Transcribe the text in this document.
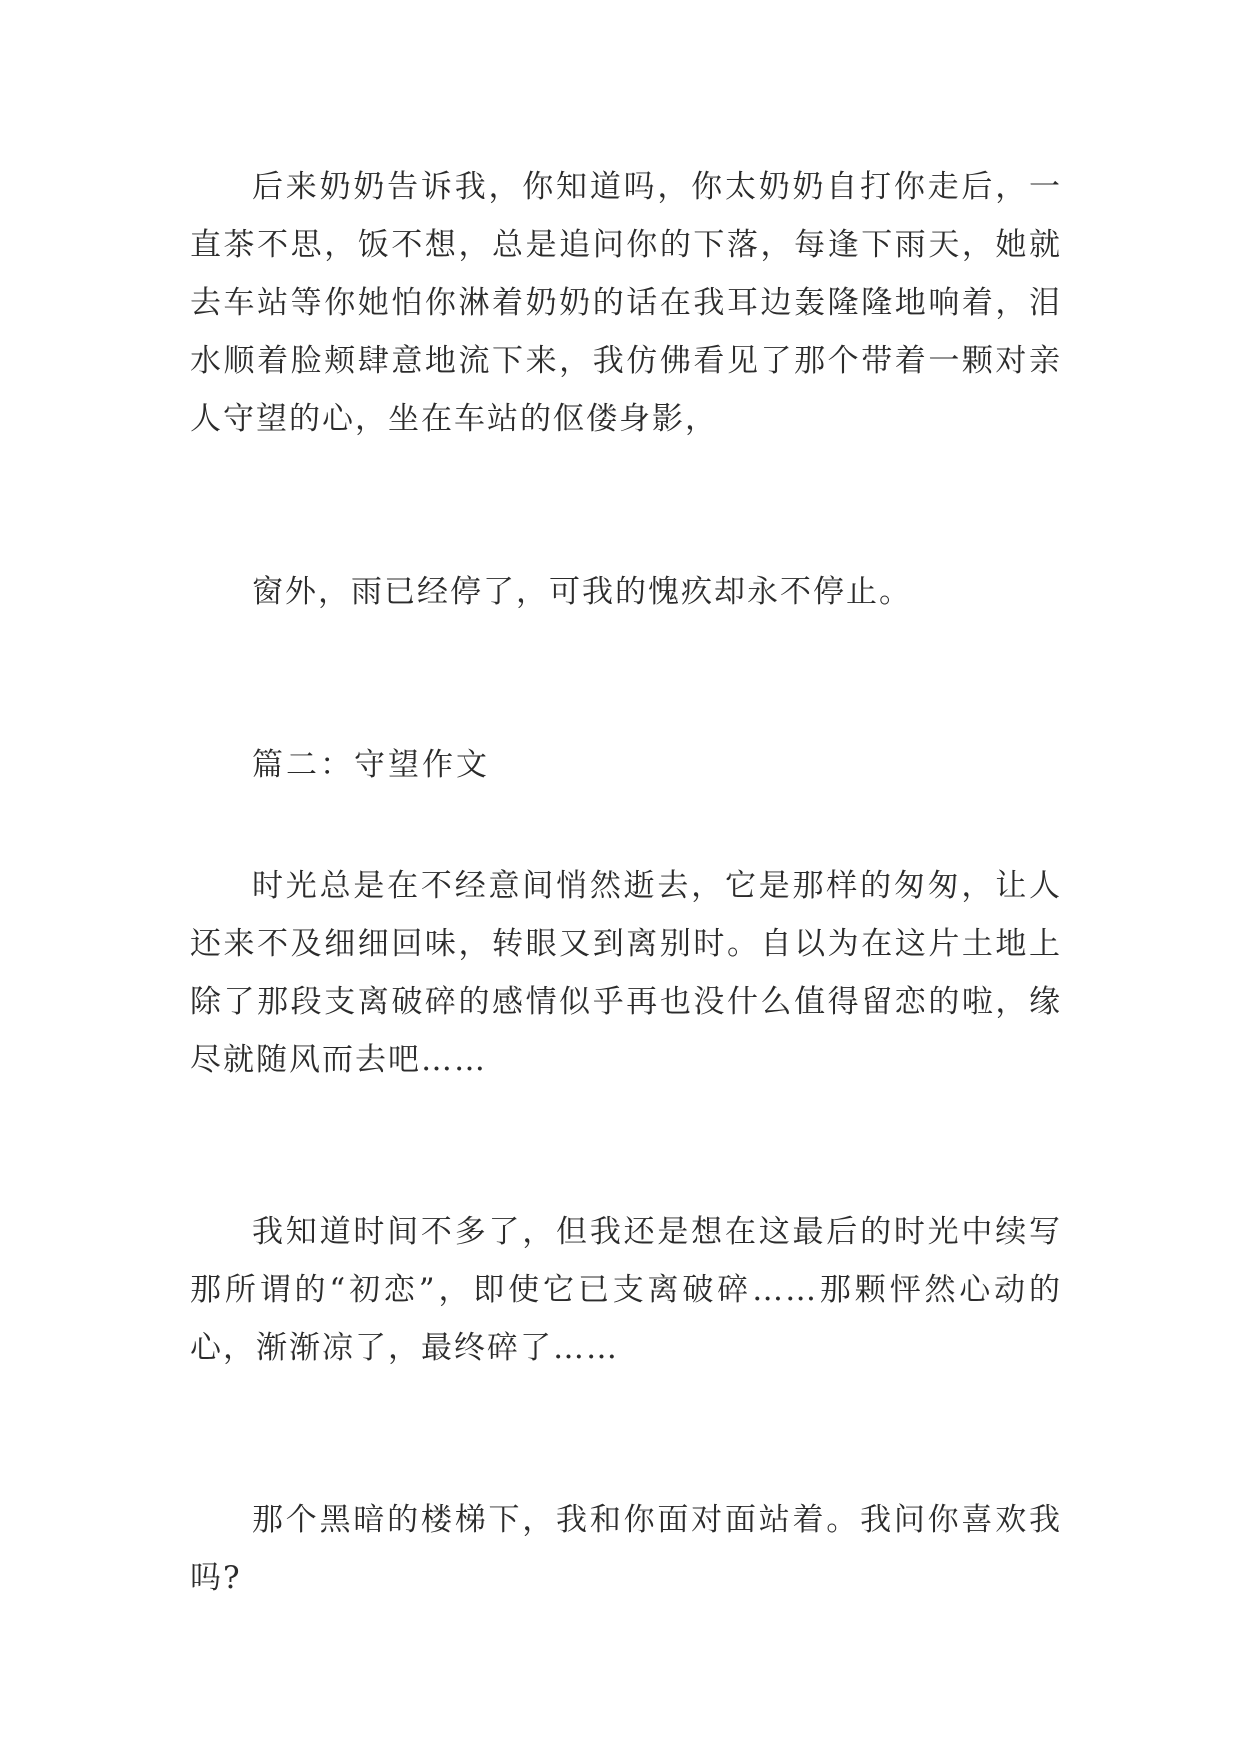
后来奶奶告诉我，你知道吗，你太奶奶自打你走后，一直茶不思，饭不想，总是追问你的下落，每逢下雨天，她就去车站等你她怕你淋着奶奶的话在我耳边轰隆隆地响着，泪水顺着脸颊肆意地流下来，我仿佛看见了那个带着一颗对亲人守望的心，坐在车站的伛偻身影，

窗外，雨已经停了，可我的愧疚却永不停止。

篇二：守望作文

时光总是在不经意间悄然逝去，它是那样的匆匆，让人还来不及细细回味，转眼又到离别时。自以为在这片土地上除了那段支离破碎的感情似乎再也没什么值得留恋的啦，缘尽就随风而去吧……

我知道时间不多了，但我还是想在这最后的时光中续写那所谓的“初恋”，即使它已支离破碎……那颗怦然心动的心，渐渐凉了，最终碎了……

那个黑暗的楼梯下，我和你面对面站着。我问你喜欢我吗?
